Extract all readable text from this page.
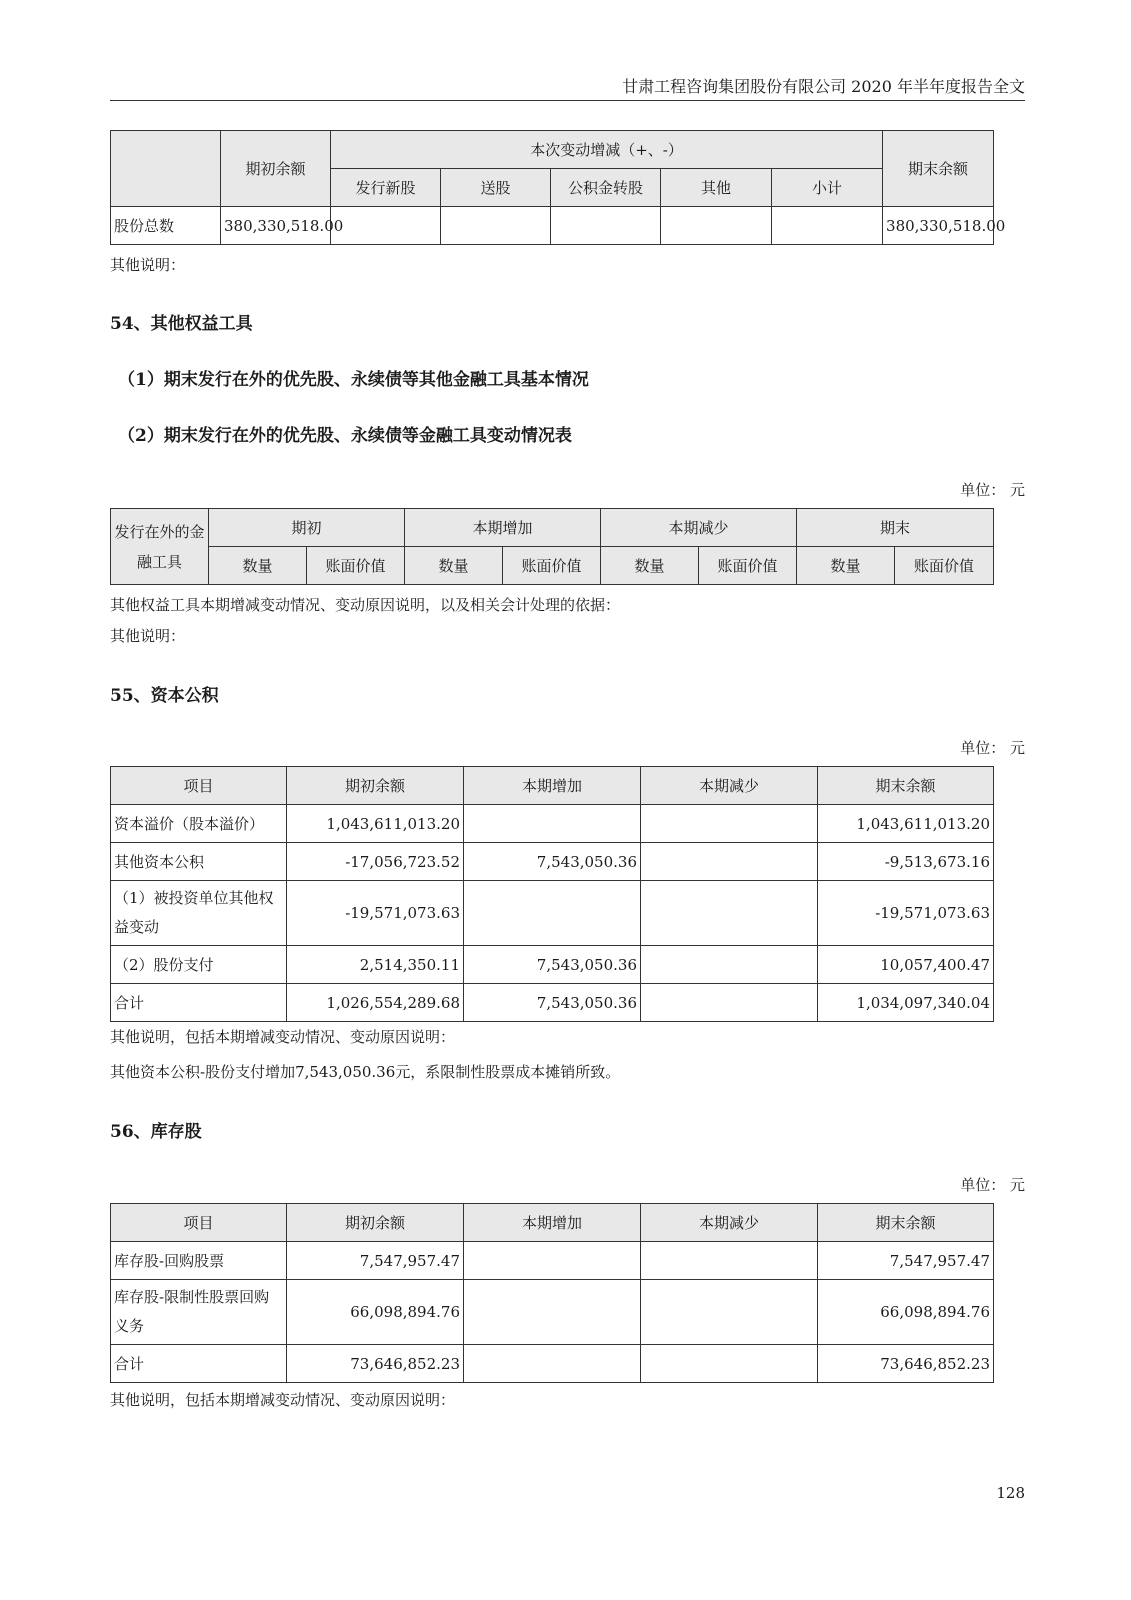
甘肃工程咨询集团股份有限公司 2020 年半年度报告全文
	期初余额	本次变动增减（+、-）					期末余额
		发行新股	送股	公积金转股	其他	小计	
股份总数	380,330,518.00						380,330,518.00
其他说明：
54、其他权益工具
（1）期末发行在外的优先股、永续债等其他金融工具基本情况
（2）期末发行在外的优先股、永续债等金融工具变动情况表
单位： 元
发行在外的金融工具	期初		本期增加		本期减少		期末	
	数量	账面价值	数量	账面价值	数量	账面价值	数量	账面价值
其他权益工具本期增减变动情况、变动原因说明，以及相关会计处理的依据：
其他说明：
55、资本公积
单位： 元
项目	期初余额	本期增加	本期减少	期末余额
资本溢价（股本溢价）	1,043,611,013.20			1,043,611,013.20
其他资本公积	-17,056,723.52	7,543,050.36		-9,513,673.16
（1）被投资单位其他权益变动	-19,571,073.63			-19,571,073.63
（2）股份支付	2,514,350.11	7,543,050.36		10,057,400.47
合计	1,026,554,289.68	7,543,050.36		1,034,097,340.04
其他说明，包括本期增减变动情况、变动原因说明：
其他资本公积-股份支付增加7,543,050.36元，系限制性股票成本摊销所致。
56、库存股
单位： 元
项目	期初余额	本期增加	本期减少	期末余额
库存股-回购股票	7,547,957.47			7,547,957.47
库存股-限制性股票回购义务	66,098,894.76			66,098,894.76
合计	73,646,852.23			73,646,852.23
其他说明，包括本期增减变动情况、变动原因说明：
128
